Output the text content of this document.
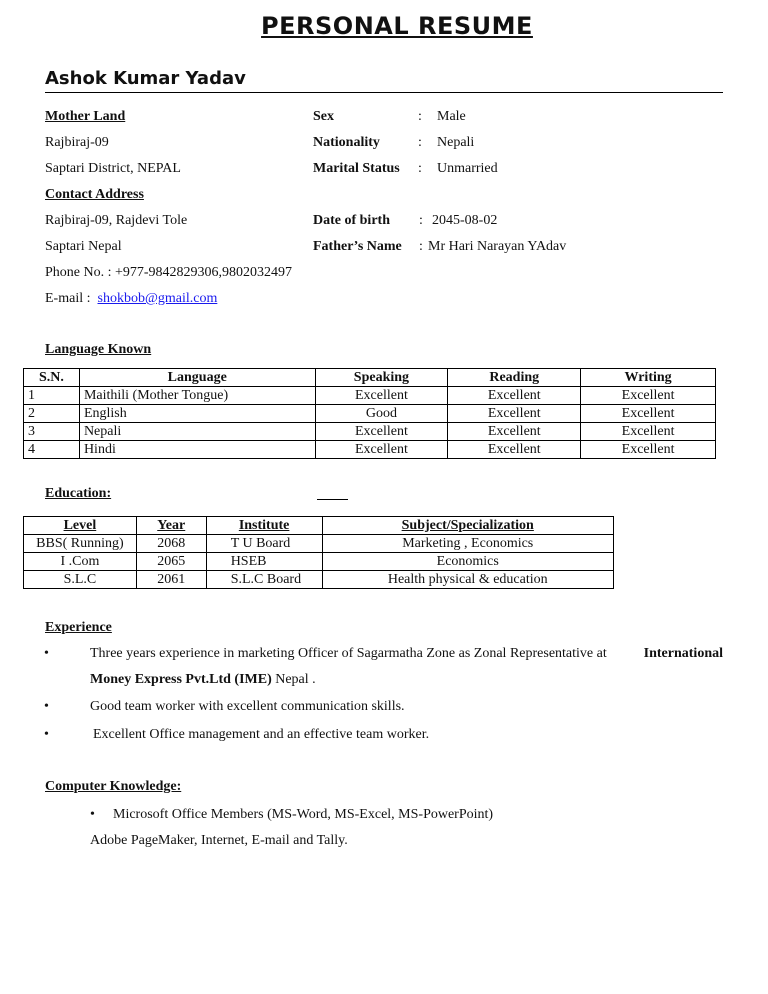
PERSONAL RESUME
Ashok Kumar Yadav
Mother Land
Rajbiraj-09
Saptari District, NEPAL
Contact Address
Rajbiraj-09, Rajdevi Tole
Saptari Nepal
Phone No. : +977-9842829306,9802032497
E-mail : shokbob@gmail.com
Sex	: Male
Nationality	: Nepali
Marital Status : Unmarried
Date of birth : 2045-08-02
Father’s Name : Mr Hari Narayan YAdav
Language Known
S.N.	Language	Speaking	Reading	Writing
1	Maithili (Mother Tongue)	Excellent	Excellent	Excellent
2	English	Good	Excellent	Excellent
3	Nepali	Excellent	Excellent	Excellent
4	Hindi	Excellent	Excellent	Excellent
Education:
Level	Year	Institute	Subject/Specialization
BBS( Running)	2068	T U Board	Marketing , Economics
I .Com	2065	HSEB	Economics
S.L.C	2061	S.L.C Board	Health physical & education
Experience
•	Three years experience in marketing Officer of Sagarmatha Zone as Zonal Representative at	International
Money Express Pvt.Ltd (IME) Nepal .
•	Good team worker with excellent communication skills.
•	Excellent Office management and an effective team worker.
Computer Knowledge:
• Microsoft Office Members (MS-Word, MS-Excel, MS-PowerPoint)
Adobe PageMaker, Internet, E-mail and Tally.
